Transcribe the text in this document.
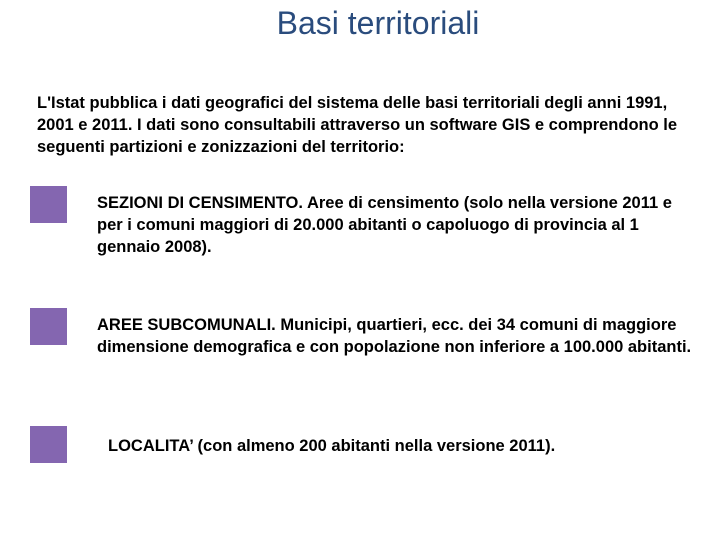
Basi territoriali
L'Istat pubblica i dati geografici del sistema delle basi territoriali degli anni 1991, 2001 e 2011. I dati sono consultabili attraverso un software GIS e comprendono le seguenti partizioni e zonizzazioni del territorio:
SEZIONI DI CENSIMENTO. Aree di censimento (solo nella versione 2011 e per i comuni maggiori di 20.000 abitanti o capoluogo di provincia al 1 gennaio 2008).
AREE SUBCOMUNALI. Municipi, quartieri, ecc. dei 34 comuni di maggiore dimensione demografica e con popolazione non inferiore a 100.000 abitanti.
LOCALITA’ (con almeno 200 abitanti nella versione 2011).
